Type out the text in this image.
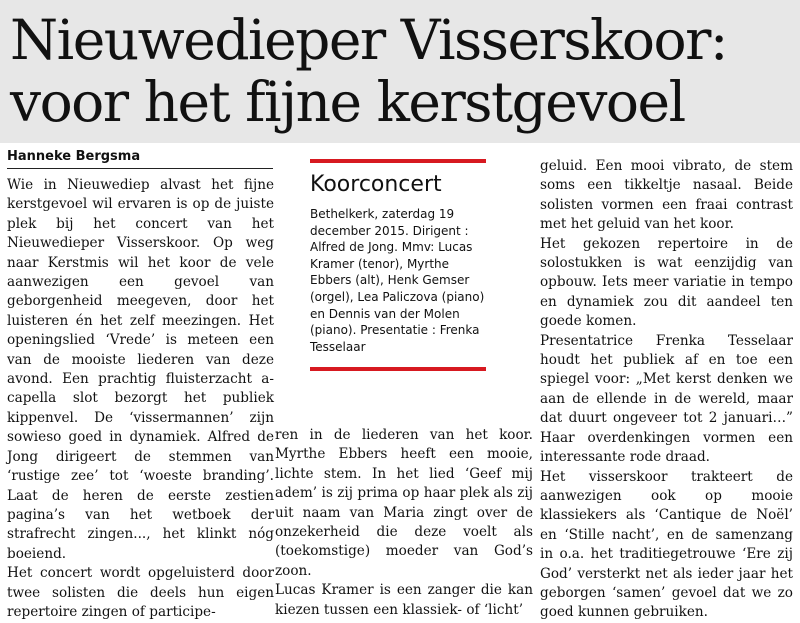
Nieuwedieper Visserskoor:
voor het fijne kerstgevoel
Hanneke Bergsma

Wie in Nieuwediep alvast het fijne kerstgevoel wil ervaren is op de juiste plek bij het concert van het Nieuwedieper Visserskoor. Op weg naar Kerstmis wil het koor de vele aanwezigen een gevoel van geborgenheid meegeven, door het luisteren én het zelf meezingen. Het openingslied ‘Vrede’ is meteen een van de mooiste liederen van deze avond. Een prachtig fluisterzacht a-capella slot bezorgt het publiek kippenvel. De ‘vissermannen’ zijn sowieso goed in dynamiek. Alfred de Jong dirigeert de stemmen van ‘rustige zee’ tot ‘woeste branding’. Laat de heren de eerste zestien pagina’s van het wetboek der strafrecht zingen..., het klinkt nóg boeiend.

Het concert wordt opgeluisterd door twee solisten die deels hun eigen repertoire zingen of participe-

Koorconcert
Bethelkerk, zaterdag 19 december 2015. Dirigent : Alfred de Jong. Mmv: Lucas Kramer (tenor), Myrthe Ebbers (alt), Henk Gemser (orgel), Lea Paliczova (piano) en Dennis van der Molen (piano). Presentatie : Frenka Tesselaar

ren in de liederen van het koor. Myrthe Ebbers heeft een mooie, lichte stem. In het lied ‘Geef mij adem’ is zij prima op haar plek als zij uit naam van Maria zingt over de onzekerheid die deze voelt als (toekomstige) moeder van God’s zoon.

Lucas Kramer is een zanger die kan kiezen tussen een klassiek- of ‘licht’

geluid. Een mooi vibrato, de stem soms een tikkeltje nasaal. Beide solisten vormen een fraai contrast met het geluid van het koor.

Het gekozen repertoire in de solostukken is wat eenzijdig van opbouw. Iets meer variatie in tempo en dynamiek zou dit aandeel ten goede komen.

Presentatrice Frenka Tesselaar houdt het publiek af en toe een spiegel voor: „Met kerst denken we aan de ellende in de wereld, maar dat duurt ongeveer tot 2 januari…” Haar overdenkingen vormen een interessante rode draad.

Het visserskoor trakteert de aanwezigen ook op mooie klassiekers als ‘Cantique de Noël’ en ‘Stille nacht’, en de samenzang in o.a. het traditiegetrouwe ‘Ere zij God’ versterkt net als ieder jaar het geborgen ‘samen’ gevoel dat we zo goed kunnen gebruiken.
